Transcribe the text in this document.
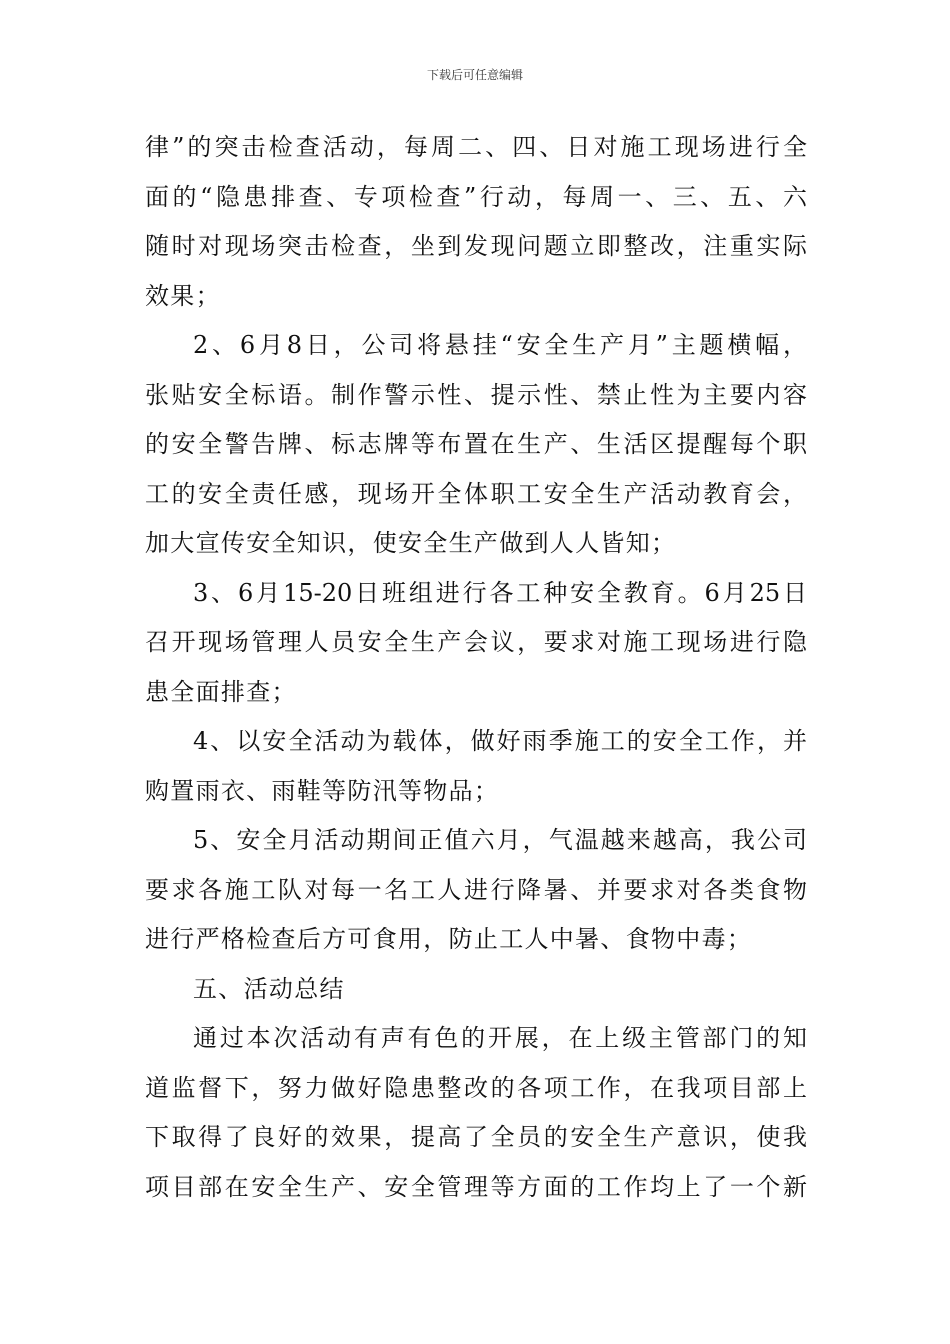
下载后可任意编辑
律”的突击检查活动，每周二、四、日对施工现场进行全
面的“隐患排查、专项检查”行动，每周一、三、五、六
随时对现场突击检查，坐到发现问题立即整改，注重实际
效果；
2、6月8日，公司将悬挂“安全生产月”主题横幅，
张贴安全标语。制作警示性、提示性、禁止性为主要内容
的安全警告牌、标志牌等布置在生产、生活区提醒每个职
工的安全责任感，现场开全体职工安全生产活动教育会，
加大宣传安全知识，使安全生产做到人人皆知；
3、6月15-20日班组进行各工种安全教育。6月25日
召开现场管理人员安全生产会议，要求对施工现场进行隐
患全面排查；
4、以安全活动为载体，做好雨季施工的安全工作，并
购置雨衣、雨鞋等防汛等物品；
5、安全月活动期间正值六月，气温越来越高，我公司
要求各施工队对每一名工人进行降暑、并要求对各类食物
进行严格检查后方可食用，防止工人中暑、食物中毒；
五、活动总结
通过本次活动有声有色的开展，在上级主管部门的知
道监督下，努力做好隐患整改的各项工作，在我项目部上
下取得了良好的效果，提高了全员的安全生产意识，使我
项目部在安全生产、安全管理等方面的工作均上了一个新
